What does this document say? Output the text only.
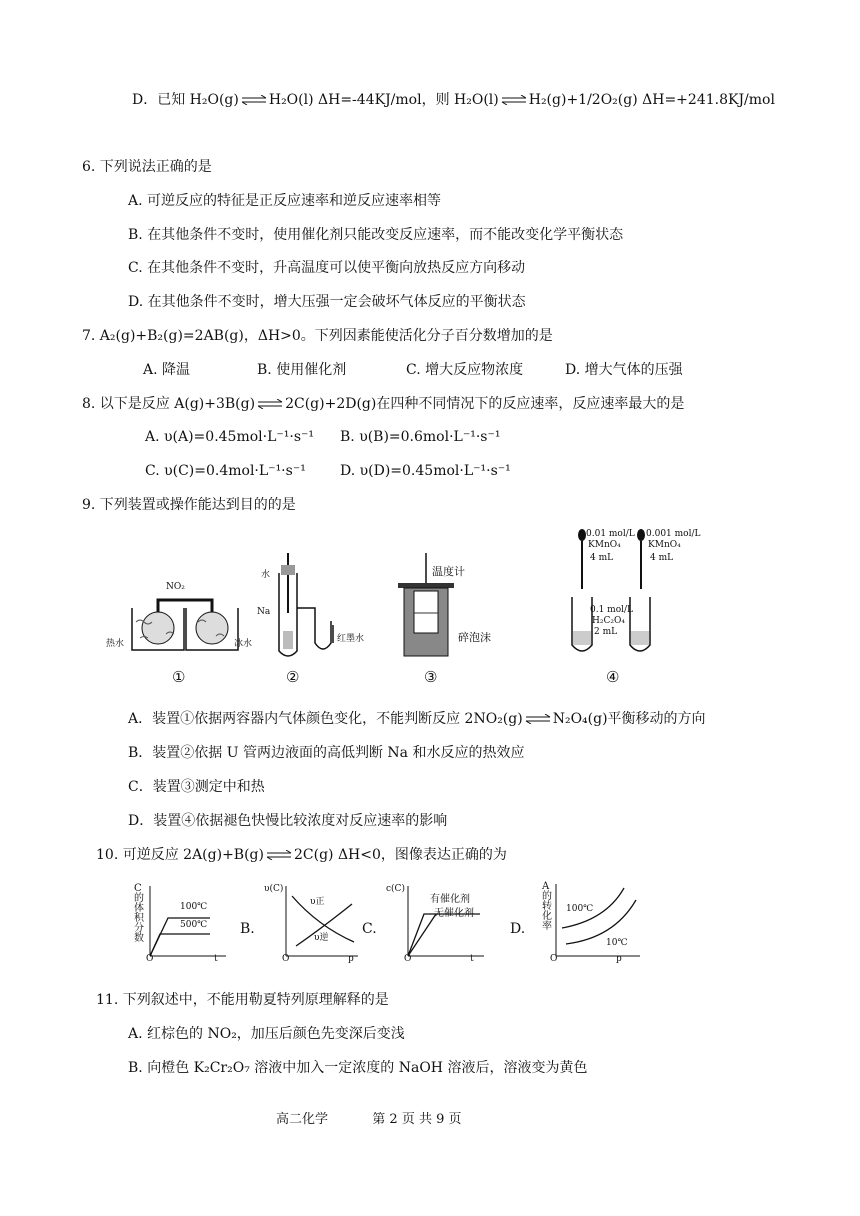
D．已知 H₂O(g) H₂O(l) ΔH=-44KJ/mol，则 H₂O(l) H₂(g)+1/2O₂(g) ΔH=+241.8KJ/mol
6. 下列说法正确的是
A. 可逆反应的特征是正反应速率和逆反应速率相等
B. 在其他条件不变时，使用催化剂只能改变反应速率，而不能改变化学平衡状态
C. 在其他条件不变时，升高温度可以使平衡向放热反应方向移动
D. 在其他条件不变时，增大压强一定会破坏气体反应的平衡状态
7. A₂(g)+B₂(g)=2AB(g)，ΔH>0。下列因素能使活化分子百分数增加的是
A. 降温	B. 使用催化剂	C. 增大反应物浓度	D. 增大气体的压强
8. 以下是反应 A(g)+3B(g) 2C(g)+2D(g)在四种不同情况下的反应速率，反应速率最大的是
A. υ(A)=0.45mol·L⁻¹·s⁻¹ B. υ(B)=0.6mol·L⁻¹·s⁻¹
C. υ(C)=0.4mol·L⁻¹·s⁻¹ D. υ(D)=0.45mol·L⁻¹·s⁻¹
9. 下列装置或操作能达到目的的是
NO₂
热水	冰水
①
水
Na
红墨水
②
温度计
碎泡沫
③
0.01 mol/L
KMnO₄
4 mL
0.001 mol/L
KMnO₄
4 mL
0.1 mol/L
H₂C₂O₄
2 mL
④
A．装置①依据两容器内气体颜色变化，不能判断反应 2NO₂(g) N₂O₄(g)平衡移动的方向
B．装置②依据 U 管两边液面的高低判断 Na 和水反应的热效应
C．装置③测定中和热
D．装置④依据褪色快慢比较浓度对反应速率的影响
10. 可逆反应 2A(g)+B(g) 2C(g) ΔH<0，图像表达正确的为
C
的
体
积
分
数
O	t
100℃
500℃ B.
υ(C)
O	p
υ正
υ逆
C.
c(C)
O	t
有催化剂
无催化剂
D.
A
的
转
化
率
O	p
100℃
10℃
11. 下列叙述中，不能用勒夏特列原理解释的是
A. 红棕色的 NO₂，加压后颜色先变深后变浅
B. 向橙色 K₂Cr₂O₇ 溶液中加入一定浓度的 NaOH 溶液后，溶液变为黄色
高二化学	第 2 页 共 9 页
